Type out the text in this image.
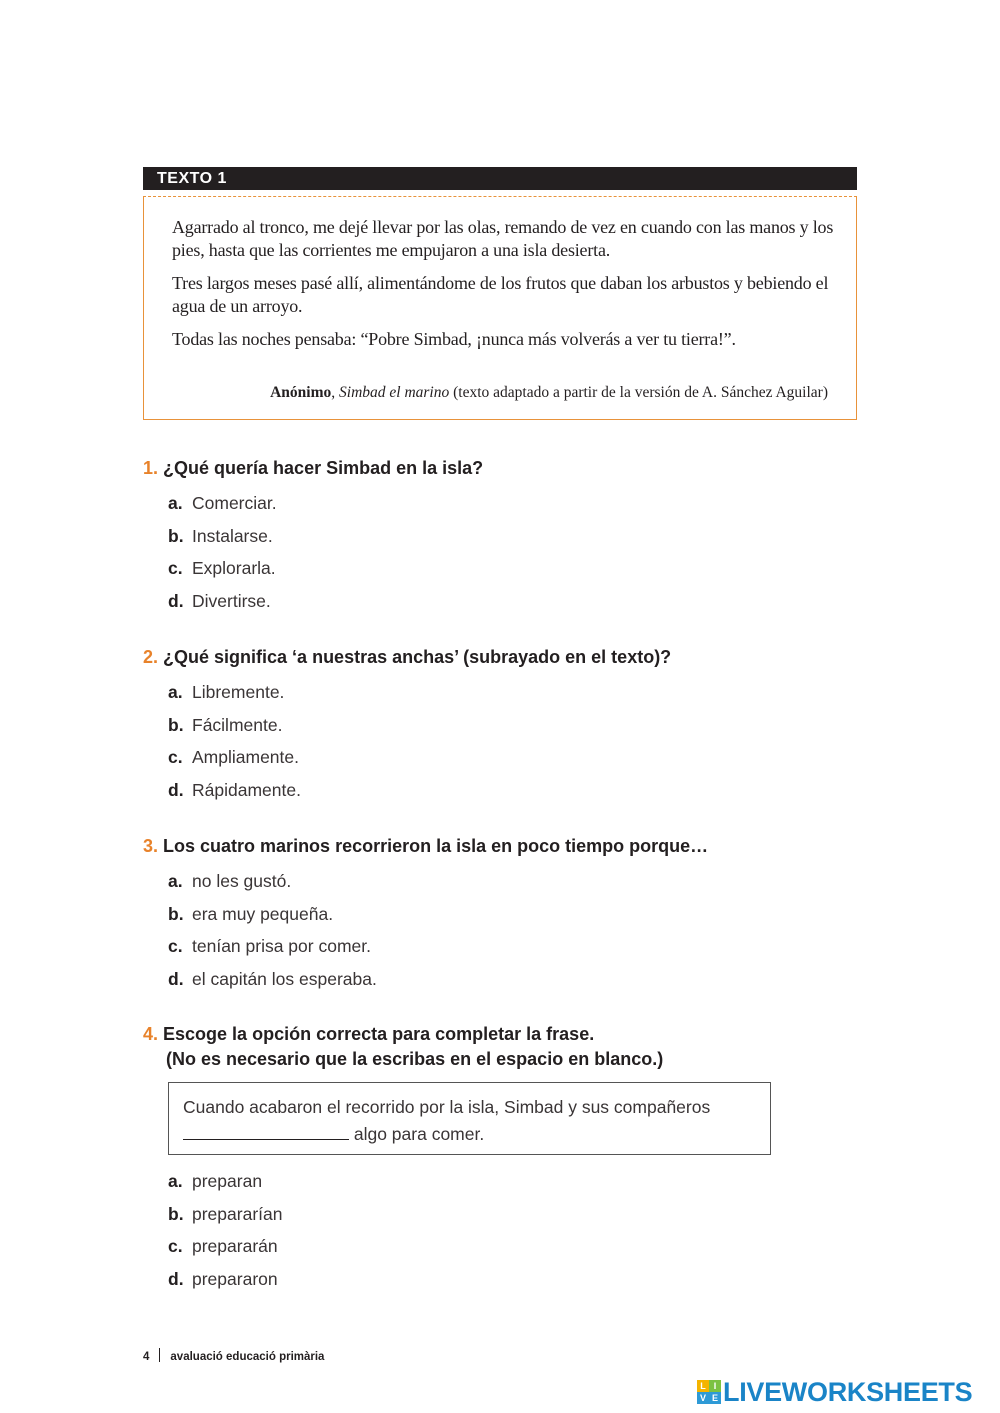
TEXTO 1

Agarrado al tronco, me dejé llevar por las olas, remando de vez en cuando con las manos y los pies, hasta que las corrientes me empujaron a una isla desierta.

Tres largos meses pasé allí, alimentándome de los frutos que daban los arbustos y bebiendo el agua de un arroyo.

Todas las noches pensaba: “Pobre Simbad, ¡nunca más volverás a ver tu tierra!”.

Anónimo, Simbad el marino (texto adaptado a partir de la versión de A. Sánchez Aguilar)

1. ¿Qué quería hacer Simbad en la isla?

a. Comerciar.
b. Instalarse.
c. Explorarla.
d. Divertirse.

2. ¿Qué significa ‘a nuestras anchas’ (subrayado en el texto)?

a. Libremente.
b. Fácilmente.
c. Ampliamente.
d. Rápidamente.

3. Los cuatro marinos recorrieron la isla en poco tiempo porque…

a. no les gustó.
b. era muy pequeña.
c. tenían prisa por comer.
d. el capitán los esperaba.

4. Escoge la opción correcta para completar la frase.
(No es necesario que la escribas en el espacio en blanco.)

Cuando acabaron el recorrido por la isla, Simbad y sus compañeros
algo para comer.
a. preparan
b. prepararían
c. prepararán
d. prepararon
4 avaluació educació primària
L I
V E LIVEWORKSHEETS
